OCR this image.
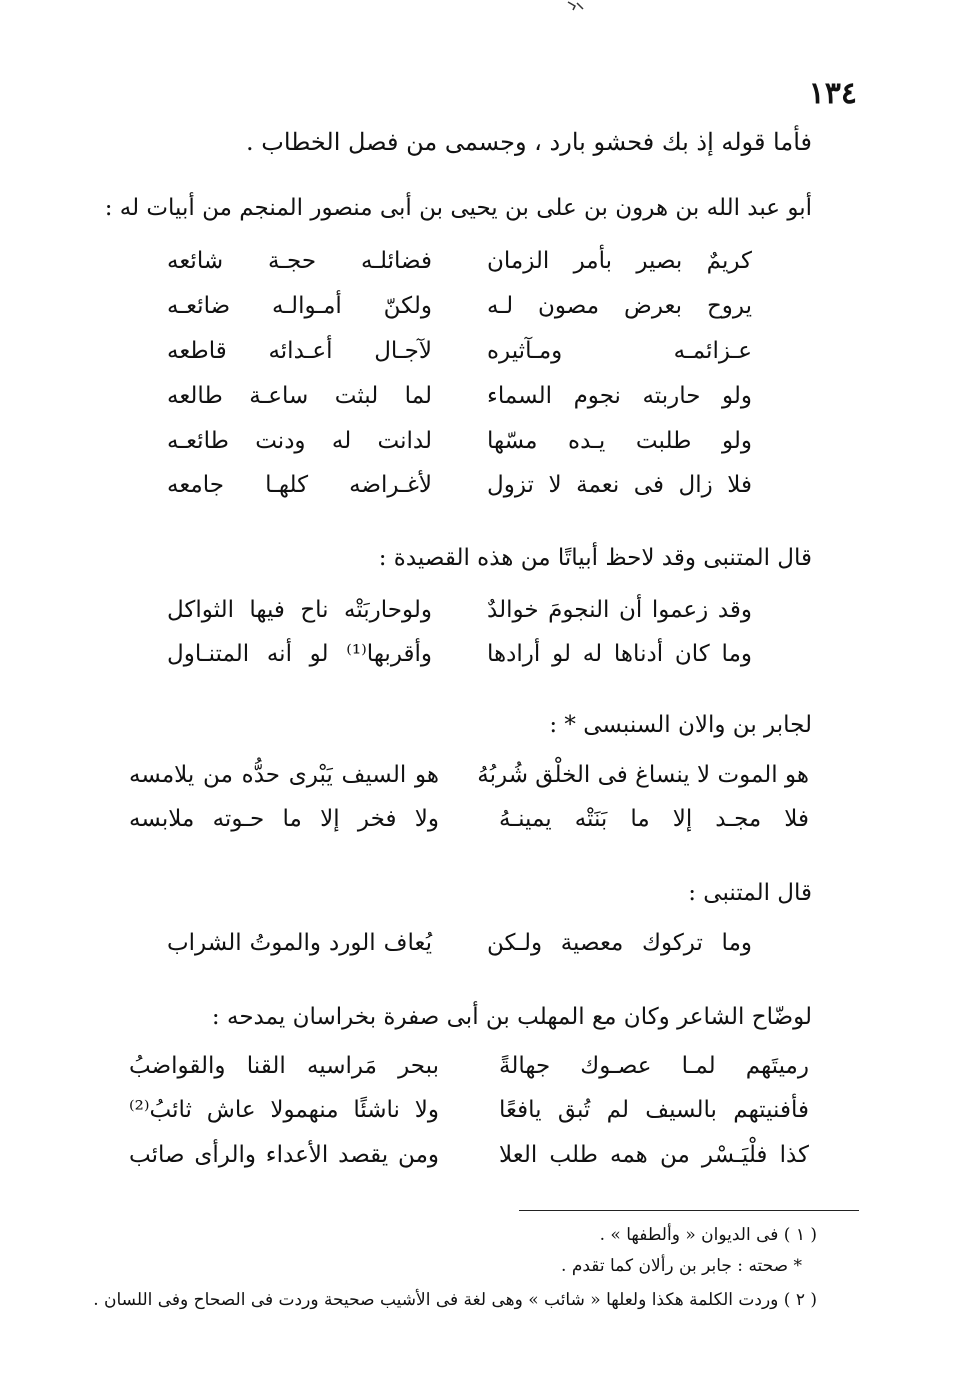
١٣٤
فأما قوله إذ بك فحشو بارد ، وجسمى من فصل الخطاب .
أبو عبد الله بن هرون بن على بن يحيى بن أبى منصور المنجم من أبيات له :
كريمٌ بصير بأمر الزمان
فضائلـه حجـة شائعه
يروح بعرض مصون لـه
ولكنّ أمـوالـه ضائعـه
عـزائمـه ومـآثيره
لآجـال أعـدائه قاطعه
ولو حاربته نجوم السماء
لما لبثت ساعـة طالعه
ولو طلبت يـده مسّها
لدانت له ودنت طائعـه
فلا زال فى نعمة لا تزول
لأغـراضه كلهـا جامعه
قال المتنبى وقد لاحظ أبياتًا من هذه القصيدة :
وقد زعموا أن النجومَ خوالدٌ
ولوحاربَتْه ناح فيها الثواكل
وما كان أدناها له لو أرادها
وأقربها⁽¹⁾ لو أنه المتنـاول
لجابر بن والان السنبسى * :
هو الموت لا ينساغ فى الخلْق شُربُهُ
هو السيف يَبْرى حدُّه من يلامسه
فلا مجـد إلا ما بَنَتْه يمينـهُ
ولا فخر إلا ما حـوته ملابسه
قال المتنبى :
وما تركوك معصية ولـكن
يُعاف الورد والموتُ الشراب
لوضّاح الشاعر وكان مع المهلب بن أبى صفرة بخراسان يمدحه :
رميتَهم لمـا عصـوك جهالةً
ببحر مَراسيه القنا والقواضبُ
فأفنيتهم بالسيف لم تُبق يافعًا
ولا ناشئًا منهمولا عاش ثائبُ⁽²⁾
كذا فلْيَـسْر من همه طلب العلا
ومن يقصد الأعداء والرأى صائب
( ١ ) فى الديوان « وألطفها » .
* صحته : جابر بن رألان كما تقدم .
( ٢ ) وردت الكلمة هكذا ولعلها « شائب » وهى لغة فى الأشيب صحيحة وردت فى الصحاح وفى اللسان .
